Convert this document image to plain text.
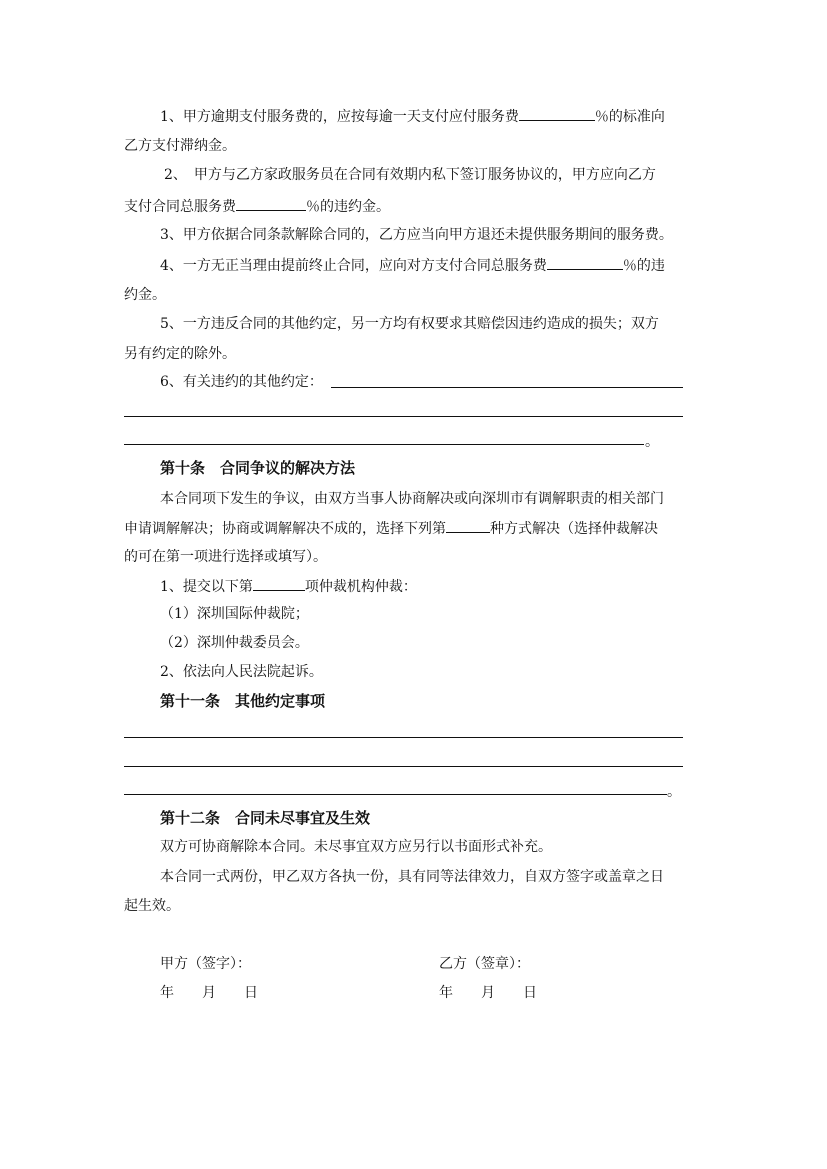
1、甲方逾期支付服务费的，应按每逾一天支付应付服务费	％的标准向
乙方支付滞纳金。
2、　甲方与乙方家政服务员在合同有效期内私下签订服务协议的，甲方应向乙方
支付合同总服务费	％的违约金。
3、甲方依据合同条款解除合同的，乙方应当向甲方退还未提供服务期间的服务费。
4、一方无正当理由提前终止合同，应向对方支付合同总服务费	％的违
约金。
5、一方违反合同的其他约定，另一方均有权要求其赔偿因违约造成的损失；双方
另有约定的除外。
6、有关违约的其他约定：
。
第十条　合同争议的解决方法
本合同项下发生的争议，由双方当事人协商解决或向深圳市有调解职责的相关部门
申请调解解决；协商或调解解决不成的，选择下列第	种方式解决（选择仲裁解决
的可在第一项进行选择或填写）。
1、提交以下第	项仲裁机构仲裁：
（1）深圳国际仲裁院；
（2）深圳仲裁委员会。
2、依法向人民法院起诉。
第十一条　其他约定事项
。
第十二条　合同未尽事宜及生效
双方可协商解除本合同。未尽事宜双方应另行以书面形式补充。
本合同一式两份，甲乙双方各执一份，具有同等法律效力，自双方签字或盖章之日
起生效。
甲方（签字）：	乙方（签章）：
年　　月　　日	年　　月　　日
